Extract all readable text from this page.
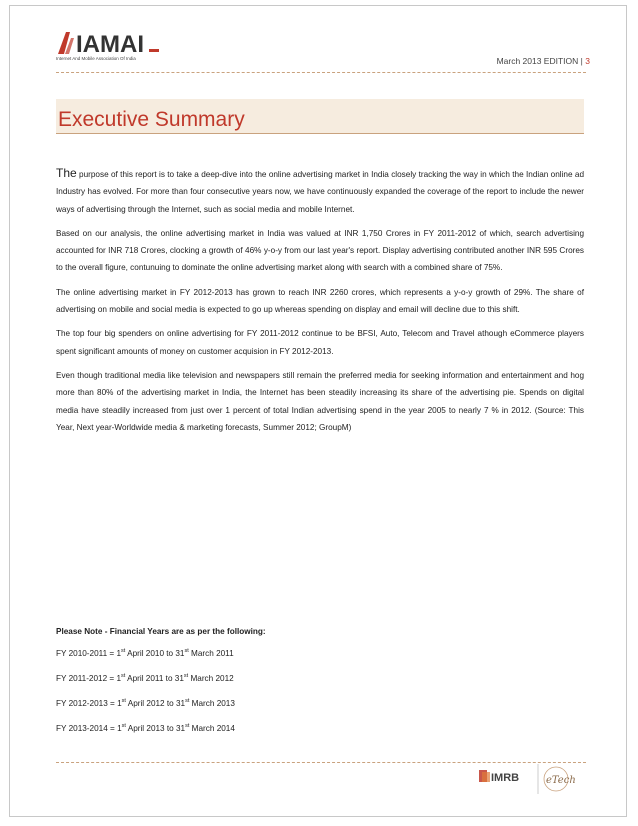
IAMAI
Internet And Mobile Association Of India	March 2013 EDITION | 3
Executive Summary

The purpose of this report is to take a deep-dive into the online advertising market in India closely tracking the way in which the Indian online ad Industry has evolved. For more than four consecutive years now, we have continuously expanded the coverage of the report to include the newer ways of advertising through the Internet, such as social media and mobile Internet.

Based on our analysis, the online advertising market in India was valued at INR 1,750 Crores in FY 2011-2012 of which, search advertising accounted for INR 718 Crores, clocking a growth of 46% y-o-y from our last year's report. Display advertising contributed another INR 595 Crores to the overall figure, contunuing to dominate the online advertising market along with search with a combined share of 75%.

The online advertising market in FY 2012-2013 has grown to reach INR 2260 crores, which represents a y-o-y growth of 29%. The share of advertising on mobile and social media is expected to go up whereas spending on display and email will decline due to this shift.

The top four big spenders on online advertising for FY 2011-2012 continue to be BFSI, Auto, Telecom and Travel athough eCommerce players spent significant amounts of money on customer acquision in FY 2012-2013.

Even though traditional media like television and newspapers still remain the preferred media for seeking information and entertainment and hog more than 80% of the advertising market in India, the Internet has been steadily increasing its share of the advertising pie. Spends on digital media have steadily increased from just over 1 percent of total Indian advertising spend in the year 2005 to nearly 7 % in 2012. (Source: This Year, Next year-Worldwide media & marketing forecasts, Summer 2012; GroupM)

Please Note - Financial Years are as per the following:
FY 2010-2011 = 1st April 2010 to 31st March 2011
FY 2011-2012 = 1st April 2011 to 31st March 2012
FY 2012-2013 = 1st April 2012 to 31st March 2013
FY 2013-2014 = 1st April 2013 to 31st March 2014
IMRB	eTech
